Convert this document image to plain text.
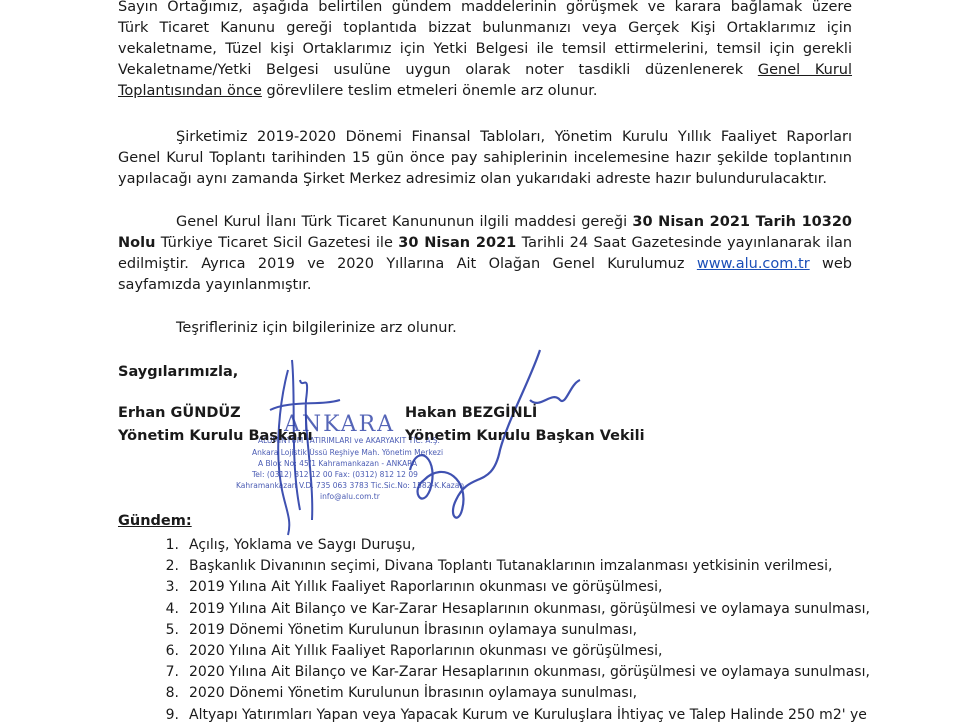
Sayın Ortağımız, aşağıda belirtilen gündem maddelerinin görüşmek ve karara bağlamak üzere
Türk Ticaret Kanunu gereği toplantıda bizzat bulunmanızı veya Gerçek Kişi Ortaklarımız için
vekaletname, Tüzel kişi Ortaklarımız için Yetki Belgesi ile temsil ettirmelerini, temsil için gerekli
Vekaletname/Yetki Belgesi usulüne uygun olarak noter tasdikli düzenlenerek Genel Kurul
Toplantısından önce görevlilere teslim etmeleri önemle arz olunur.
Şirketimiz 2019-2020 Dönemi Finansal Tabloları, Yönetim Kurulu Yıllık Faaliyet Raporları
Genel Kurul Toplantı tarihinden 15 gün önce pay sahiplerinin incelemesine hazır şekilde toplantının
yapılacağı aynı zamanda Şirket Merkez adresimiz olan yukarıdaki adreste hazır bulundurulacaktır.
Genel Kurul İlanı Türk Ticaret Kanununun ilgili maddesi gereği 30 Nisan 2021 Tarih 10320
Nolu Türkiye Ticaret Sicil Gazetesi ile 30 Nisan 2021 Tarihli 24 Saat Gazetesinde yayınlanarak ilan
edilmiştir. Ayrıca 2019 ve 2020 Yıllarına Ait Olağan Genel Kurulumuz www.alu.com.tr web
sayfamızda yayınlanmıştır.
Teşrifleriniz için bilgilerinize arz olunur.
Saygılarımızla,
ANKARA
ALÜMİNYUM YATIRIMLARI ve AKARYAKIT TİC. A.Ş.
Ankara Lojistik Üssü Reşhiye Mah. Yönetim Merkezi
A Blok No: 45/1 Kahramankazan - ANKARA
Tel: (0312) 812 12 00 Fax: (0312) 812 12 09
Kahramankazan V.D. 735 063 3783 Tic.Sic.No: 1582-K.Kazan
info@alu.com.tr
Erhan GÜNDÜZ
Yönetim Kurulu Başkanı
Hakan BEZGİNLİ
Yönetim Kurulu Başkan Vekili
Gündem:
1. Açılış, Yoklama ve Saygı Duruşu,
2. Başkanlık Divanının seçimi, Divana Toplantı Tutanaklarının imzalanması yetkisinin verilmesi,
3. 2019 Yılına Ait Yıllık Faaliyet Raporlarının okunması ve görüşülmesi,
4. 2019 Yılına Ait Bilanço ve Kar-Zarar Hesaplarının okunması, görüşülmesi ve oylamaya sunulması,
5. 2019 Dönemi Yönetim Kurulunun İbrasının oylamaya sunulması,
6. 2020 Yılına Ait Yıllık Faaliyet Raporlarının okunması ve görüşülmesi,
7. 2020 Yılına Ait Bilanço ve Kar-Zarar Hesaplarının okunması, görüşülmesi ve oylamaya sunulması,
8. 2020 Dönemi Yönetim Kurulunun İbrasının oylamaya sunulması,
9. Altyapı Yatırımları Yapan veya Yapacak Kurum ve Kuruluşlara İhtiyaç ve Talep Halinde 250 m2' ye
